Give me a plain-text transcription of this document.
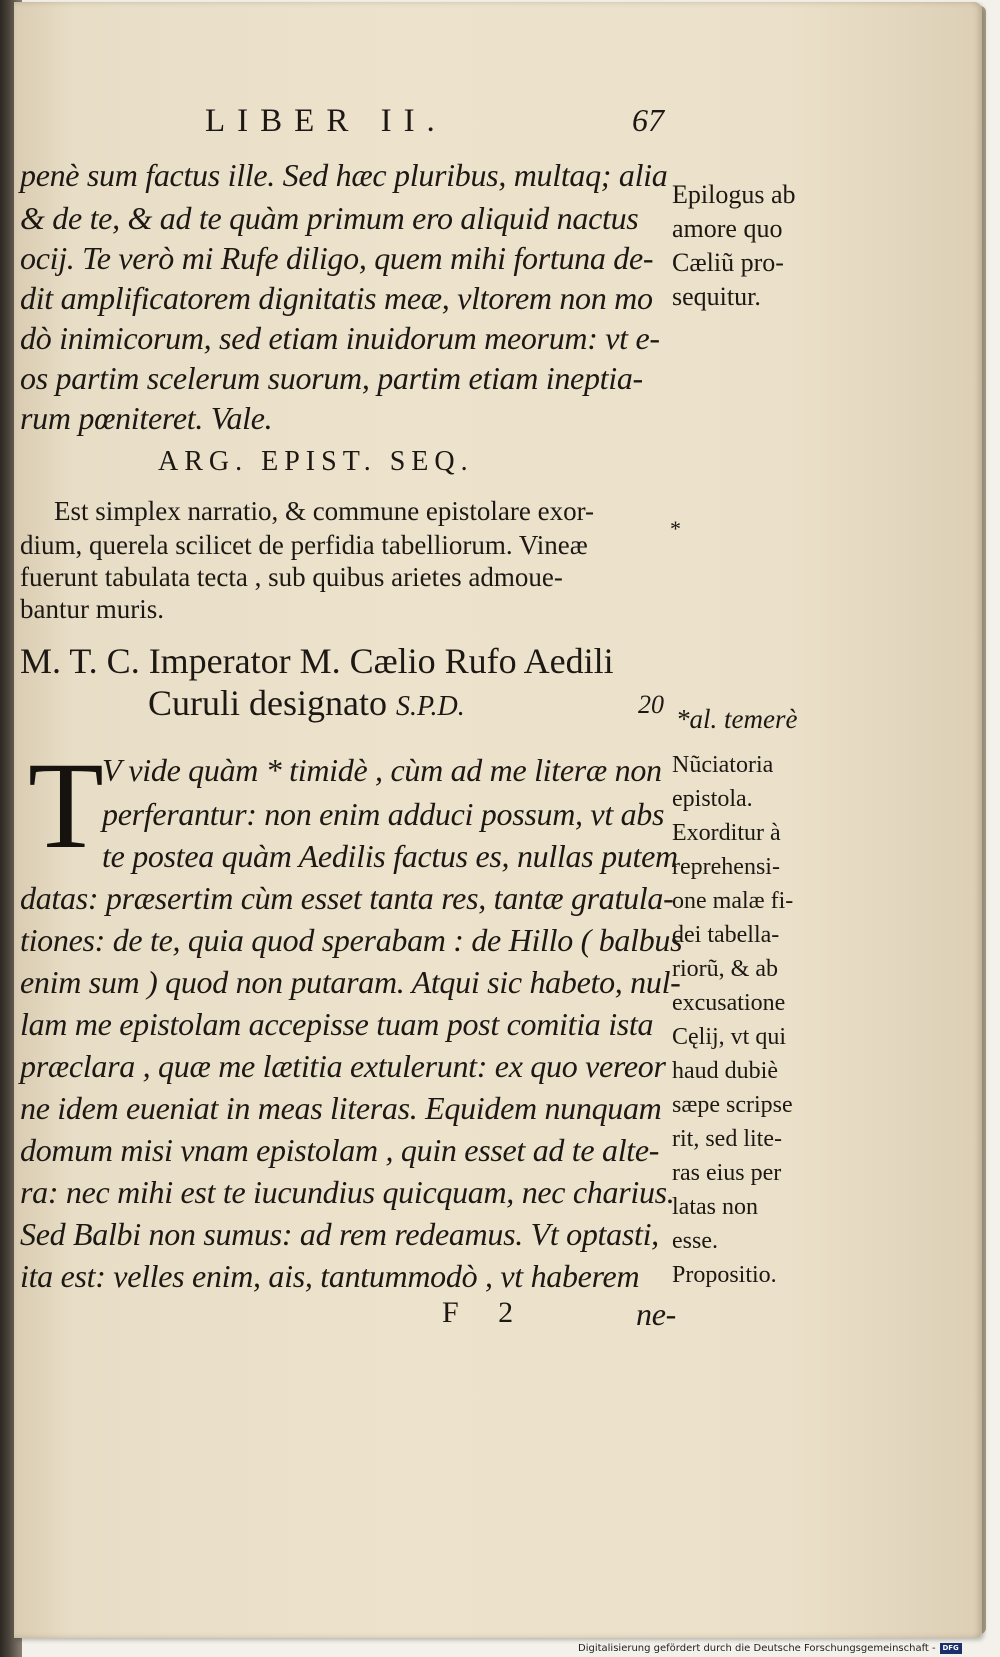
LIBER II.	67
penè sum factus ille. Sed hæc pluribus, multaq; alia
& de te, & ad te quàm primum ero aliquid nactus
ocij. Te verò mi Rufe diligo, quem mihi fortuna de-
dit amplificatorem dignitatis meæ, vltorem non mo
dò inimicorum, sed etiam inuidorum meorum: vt e-
os partim scelerum suorum, partim etiam ineptia-
rum pœniteret. Vale.
ARG. EPIST. SEQ.
Est simplex narratio, & commune epistolare exor-
dium, querela scilicet de perfidia tabelliorum. Vineæ
fuerunt tabulata tecta , sub quibus arietes admoue-
bantur muris.
M. T. C. Imperator M. Cælio Rufo Aedili
Curuli designato S.P.D.	20
T
V vide quàm * timidè , cùm ad me literæ non
perferantur: non enim adduci possum, vt abs
te postea quàm Aedilis factus es, nullas putem
datas: præsertim cùm esset tanta res, tantæ gratula-
tiones: de te, quia quod sperabam : de Hillo ( balbus
enim sum ) quod non putaram. Atqui sic habeto, nul-
lam me epistolam accepisse tuam post comitia ista
præclara , quæ me lætitia extulerunt: ex quo vereor
ne idem eueniat in meas literas. Equidem nunquam
domum misi vnam epistolam , quin esset ad te alte-
ra: nec mihi est te iucundius quicquam, nec charius.
Sed Balbi non sumus: ad rem redeamus. Vt optasti,
ita est: velles enim, ais, tantummodò , vt haberem
F 2	ne-
Epilogus ab
amore quo
Cæliũ pro-
sequitur.
*
*al. temerè
Nũciatoria
epistola.
Exorditur à
reprehensi-
one malæ fi-
dei tabella-
riorũ, & ab
excusatione
Cęlij, vt qui
haud dubiè
sæpe scripse
rit, sed lite-
ras eius per
latas non
esse.
Propositio.
Digitalisierung gefördert durch die Deutsche Forschungsgemeinschaft - DFG
